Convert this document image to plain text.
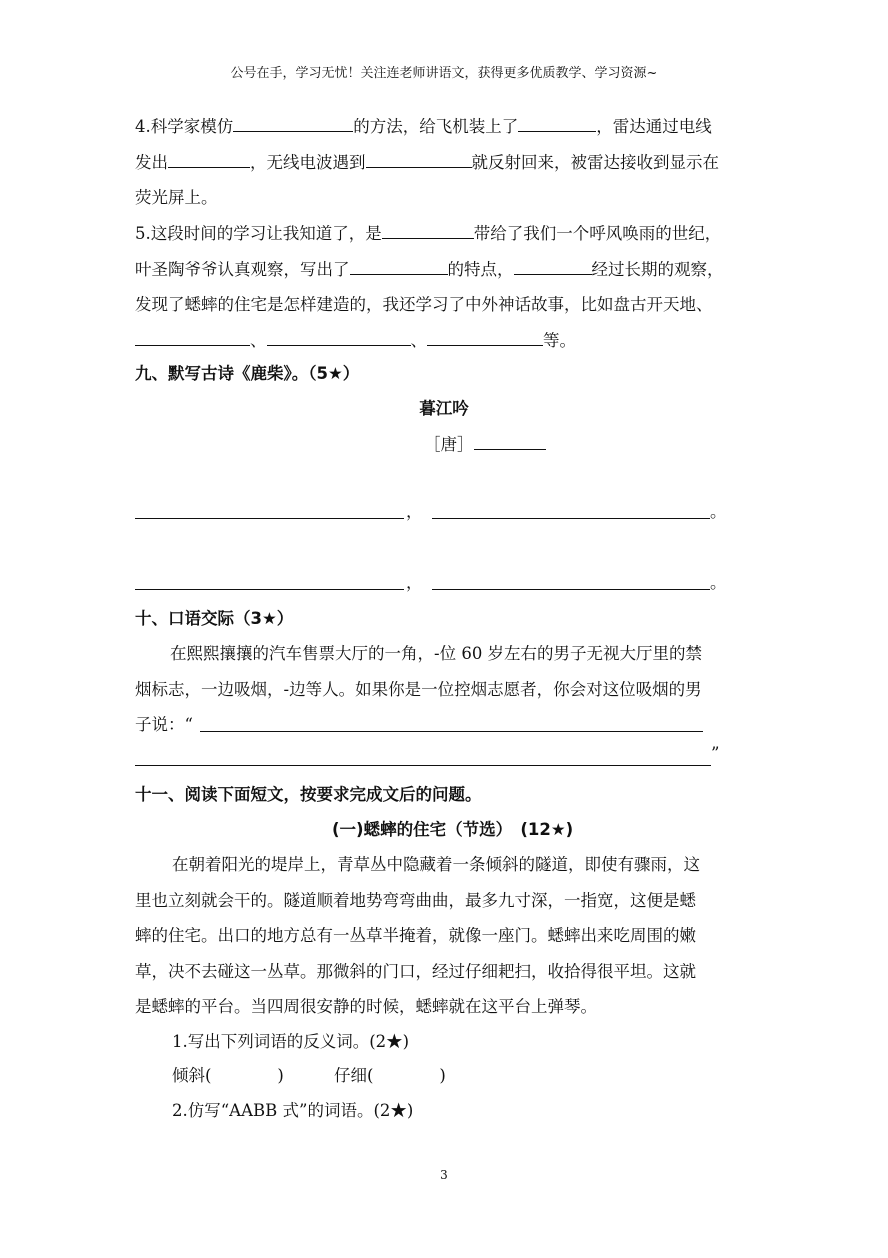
公号在手，学习无忧！关注连老师讲语文，获得更多优质教学、学习资源~
4.科学家模仿	的方法，给飞机装上了	，雷达通过电线
发出	，无线电波遇到	就反射回来，被雷达接收到显示在
荧光屏上。
5.这段时间的学习让我知道了，是	带给了我们一个呼风唤雨的世纪，
叶圣陶爷爷认真观察，写出了	的特点，	经过长期的观察，
发现了蟋蟀的住宅是怎样建造的，我还学习了中外神话故事，比如盘古开天地、
、	、	等。
九、默写古诗《鹿柴》。（5★）
暮江吟
［唐］
，	。
，	。
十、口语交际（3★）
在熙熙攘攘的汽车售票大厅的一角，-位 60 岁左右的男子无视大厅里的禁
烟标志，一边吸烟，-边等人。如果你是一位控烟志愿者，你会对这位吸烟的男
子说：“
”
十一、阅读下面短文，按要求完成文后的问题。
(一)蟋蟀的住宅（节选）　(12★)
在朝着阳光的堤岸上，青草丛中隐藏着一条倾斜的隧道，即使有骤雨，这
里也立刻就会干的。隧道顺着地势弯弯曲曲，最多九寸深，一指宽，这便是蟋
蟀的住宅。出口的地方总有一丛草半掩着，就像一座门。蟋蟀出来吃周围的嫩
草，决不去碰这一丛草。那微斜的门口，经过仔细耙扫，收拾得很平坦。这就
是蟋蟀的平台。当四周很安静的时候，蟋蟀就在这平台上弹琴。
1.写出下列词语的反义词。(2★)
倾斜(　　　　)	仔细(　　　　)
2.仿写“AABB 式”的词语。(2★)
3
